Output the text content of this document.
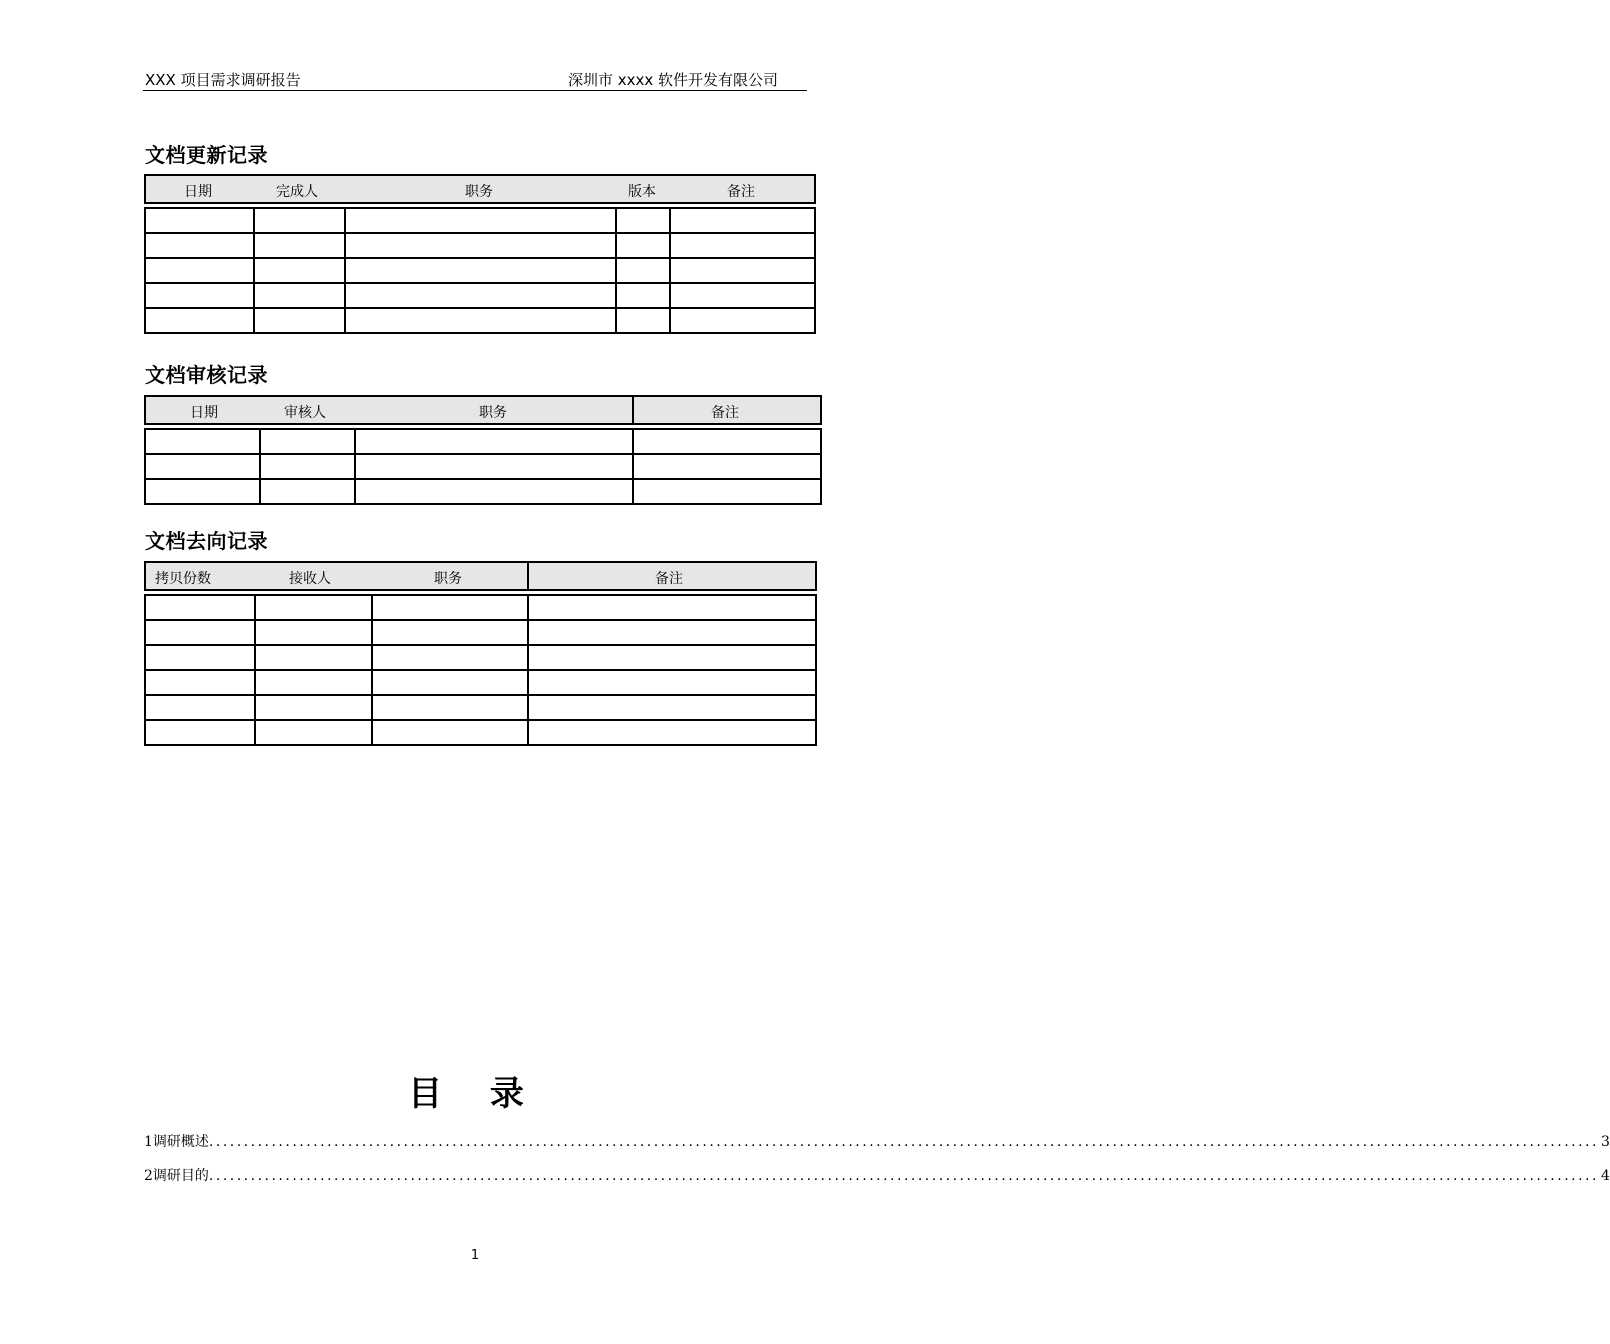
XXX 项目需求调研报告	深圳市 xxxx 软件开发有限公司
文档更新记录
日期 完成人 职务 版本 备注				

文档审核记录
日期 审核人 职务			备注

文档去向记录
拷贝份数 接收人 职务			备注

目 录
1 调研概述 ........................................................................................................................................................................................................ 3
2 调研目的 ........................................................................................................................................................................................................ 4
1
